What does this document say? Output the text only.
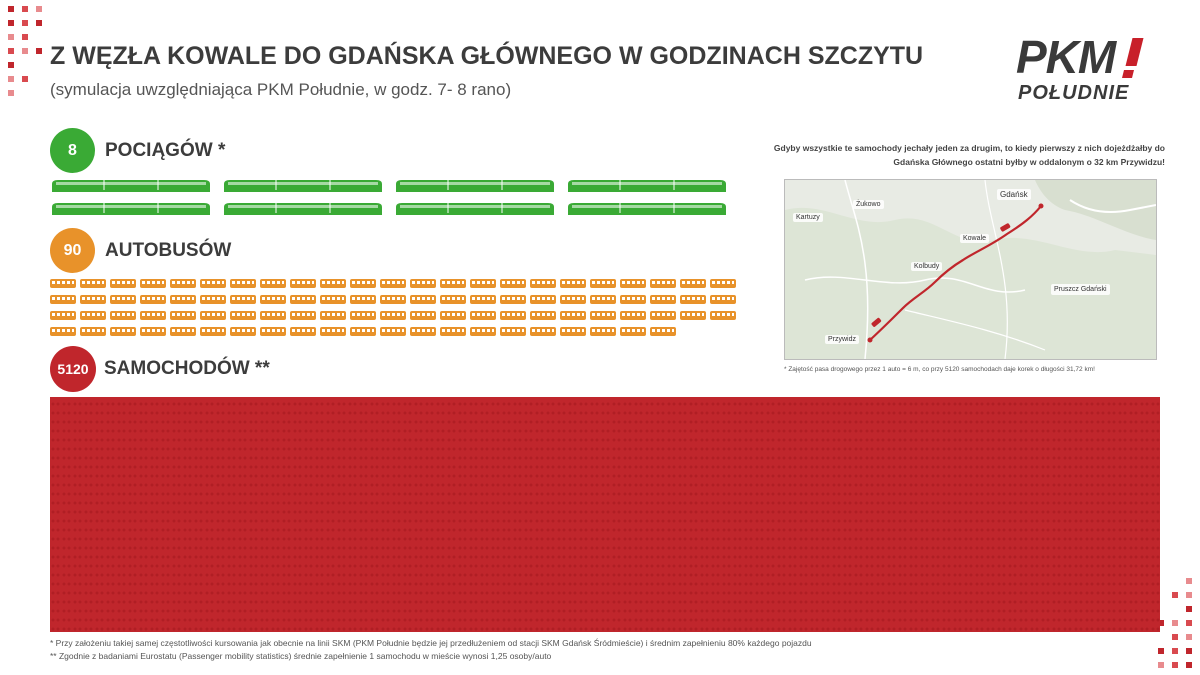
Z WĘZŁA KOWALE DO GDAŃSKA GŁÓWNEGO W GODZINACH SZCZYTU
(symulacja uwzględniająca PKM Południe, w godz. 7- 8 rano)
PKM
POŁUDNIE
8	POCIĄGÓW *
90	AUTOBUSÓW
5120 SAMOCHODÓW **
Gdyby wszystkie te samochody jechały jeden za drugim, to kiedy pierwszy z nich dojeżdżałby do Gdańska Głównego ostatni byłby w oddalonym o 32 km Przywidzu!
Gdańsk
Żukowo
Kartuzy
Kowale
Kolbudy
Pruszcz Gdański
Przywidz
* Zajętość pasa drogowego przez 1 auto = 6 m, co przy 5120 samochodach daje korek o długości 31,72 km!
* Przy założeniu takiej samej częstotliwości kursowania jak obecnie na linii SKM (PKM Południe będzie jej przedłużeniem od stacji SKM Gdańsk Śródmieście) i średnim zapełnieniu 80% każdego pojazdu
** Zgodnie z badaniami Eurostatu (Passenger mobility statistics) średnie zapełnienie 1 samochodu w mieście wynosi 1,25 osoby/auto
